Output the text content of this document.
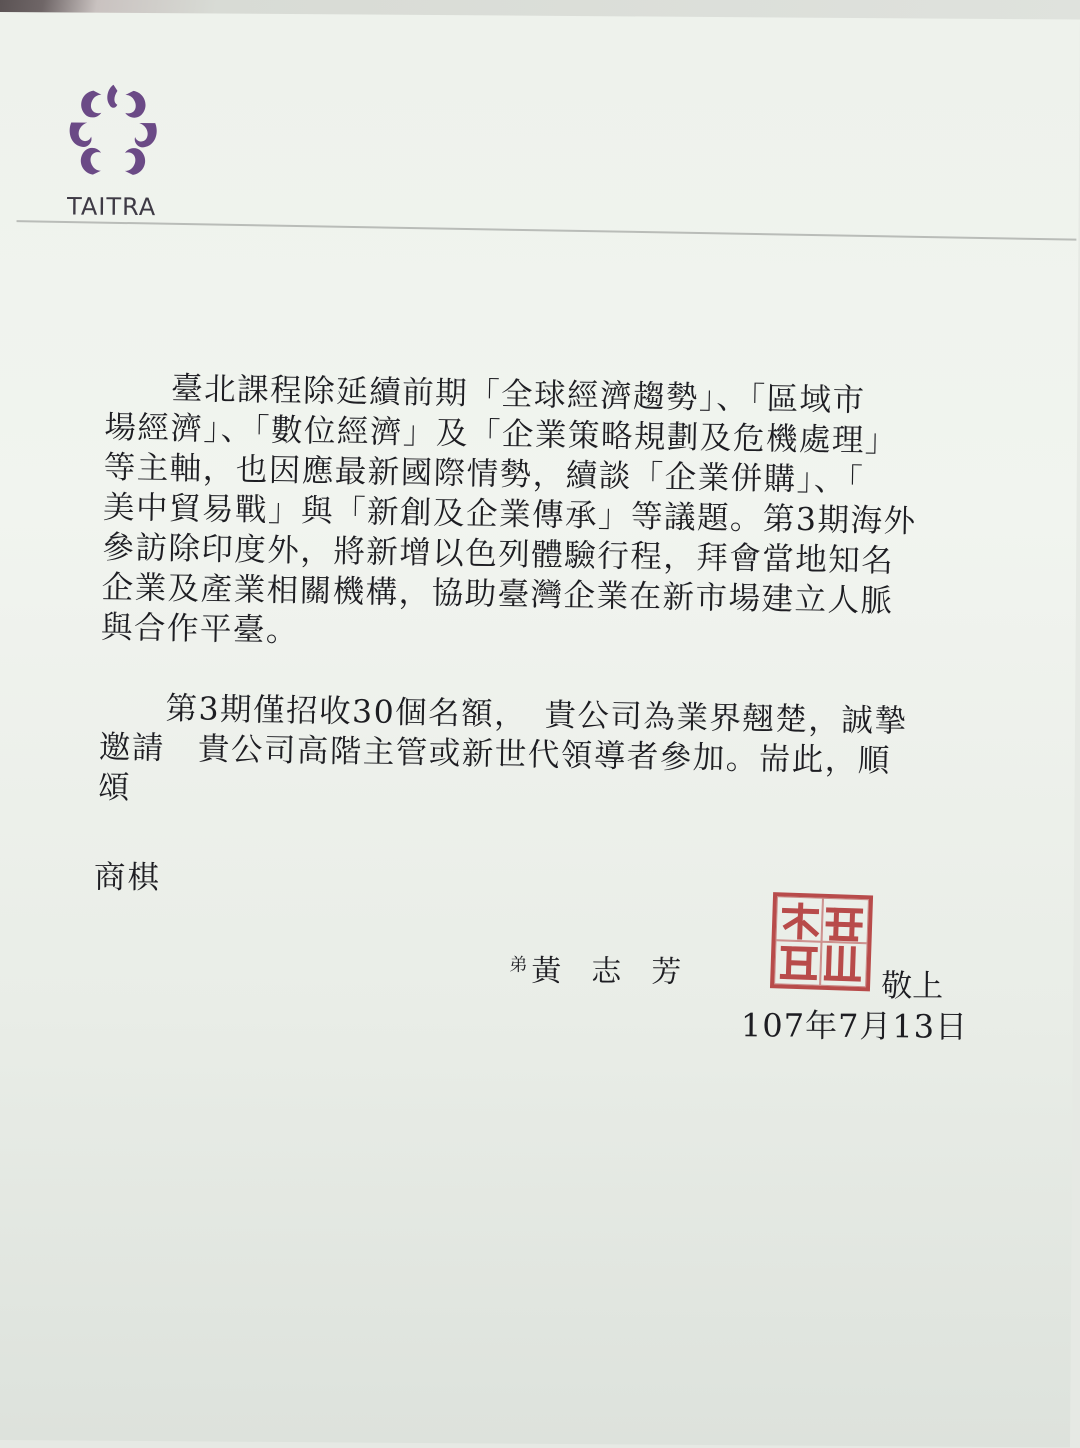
TAITRA
　　臺北課程除延續前期「全球經濟趨勢」、「區域市
場經濟」、「數位經濟」及「企業策略規劃及危機處理」
等主軸，也因應最新國際情勢，續談「企業併購」、「
美中貿易戰」與「新創及企業傳承」等議題。第3期海外
參訪除印度外，將新增以色列體驗行程，拜會當地知名
企業及產業相關機構，協助臺灣企業在新市場建立人脈
與合作平臺。
　　第3期僅招收30個名額，　貴公司為業界翹楚，誠摯
邀請　貴公司高階主管或新世代領導者參加。耑此，順
頌
商棋
$^弟$ 黃志芳	敬上
107年7月13日
